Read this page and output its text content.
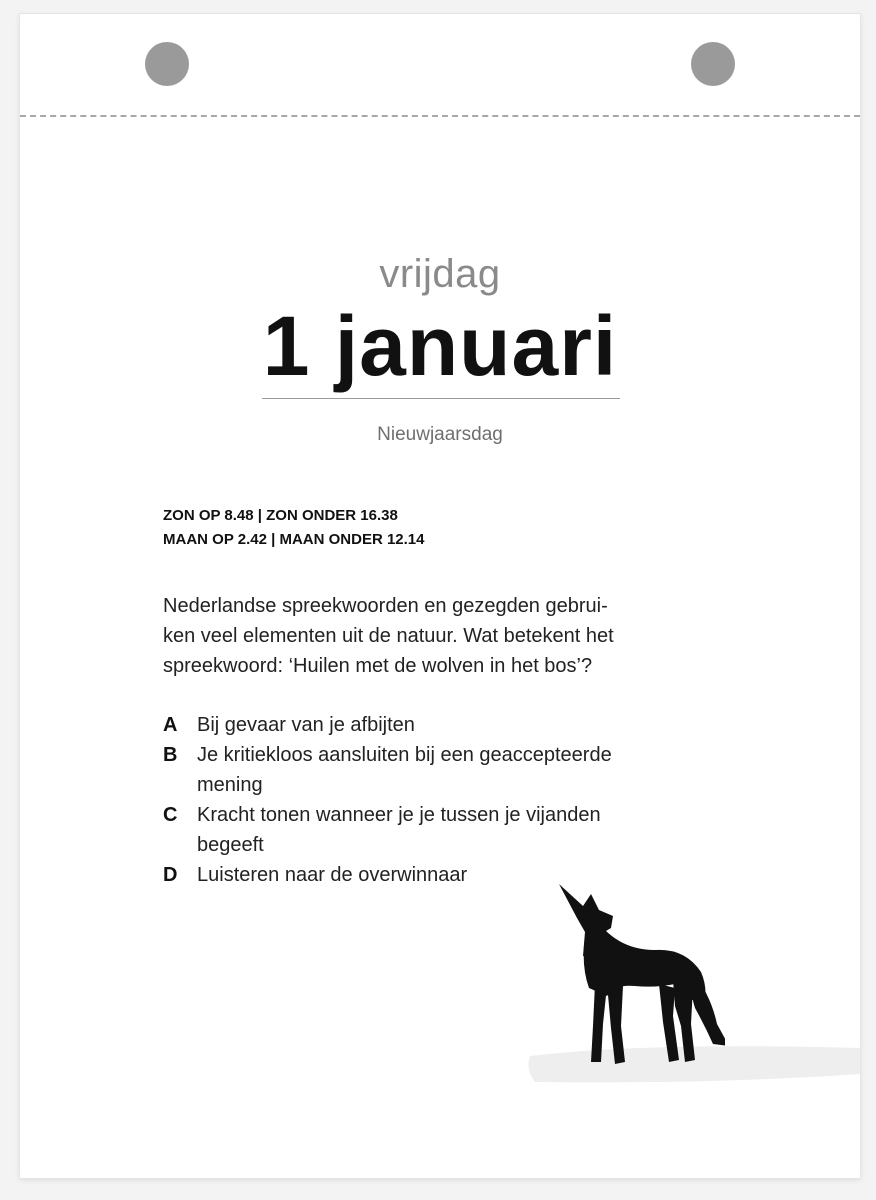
vrijdag
1 januari
Nieuwjaarsdag
ZON OP 8.48 | ZON ONDER 16.38
MAAN OP 2.42 | MAAN ONDER 12.14
Nederlandse spreekwoorden en gezegden gebrui-
ken veel elementen uit de natuur. Wat betekent het
spreekwoord: ‘Huilen met de wolven in het bos’?
A Bij gevaar van je afbijten
B Je kritiekloos aansluiten bij een geaccepteerde
mening
C Kracht tonen wanneer je je tussen je vijanden
begeeft
D Luisteren naar de overwinnaar
